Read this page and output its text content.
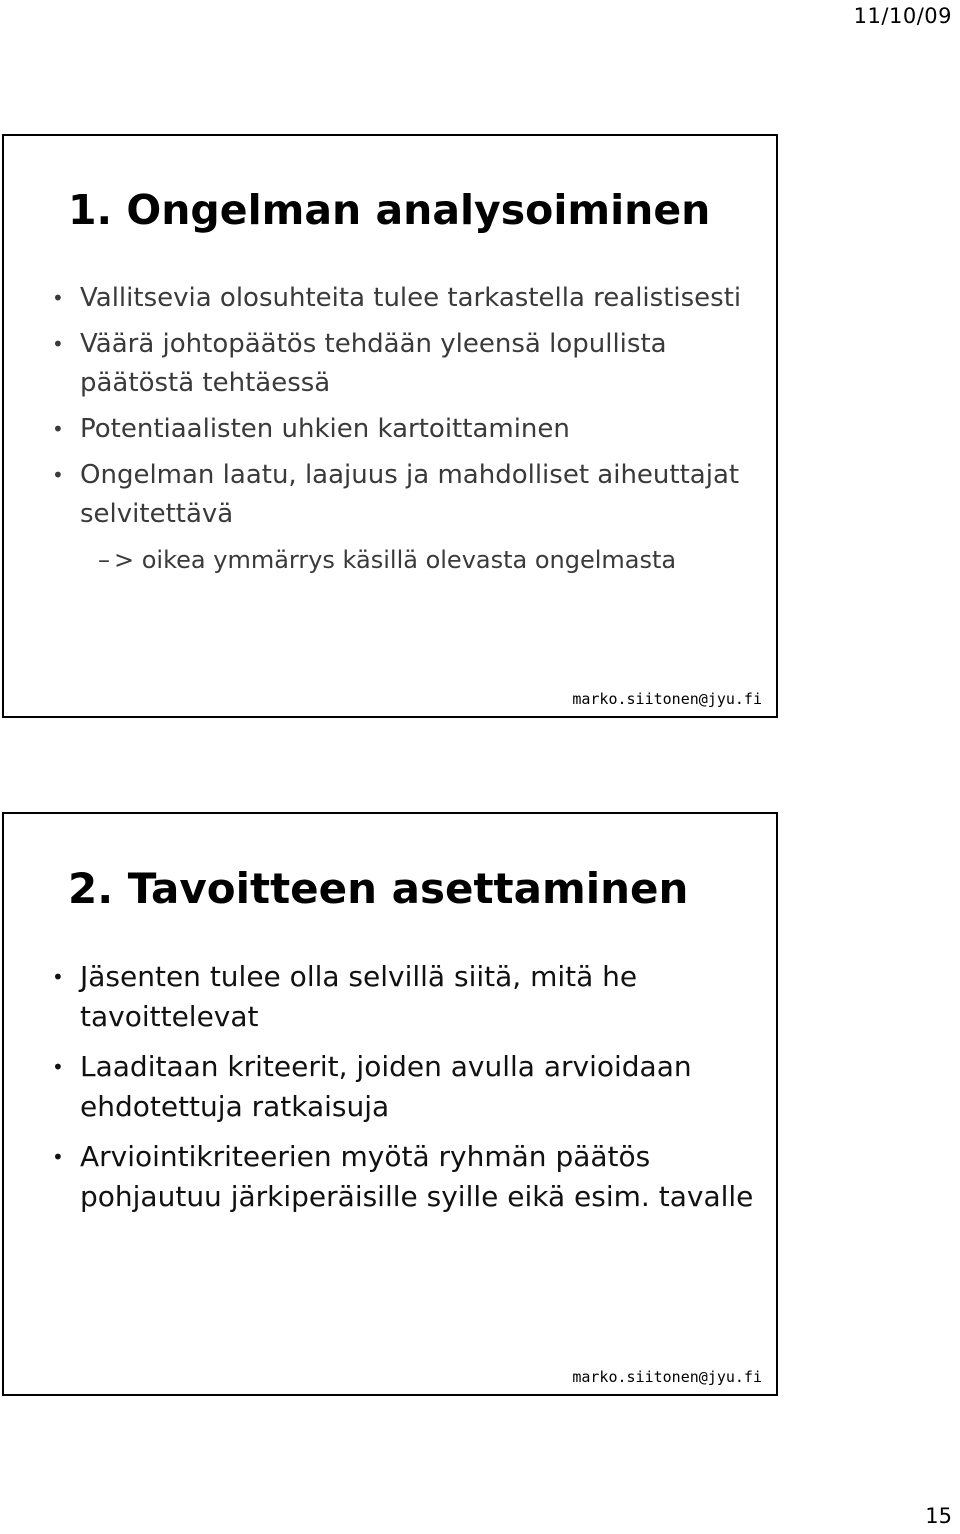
11/10/09
1. Ongelman analysoiminen
• Vallitsevia olosuhteita tulee tarkastella realistisesti
• Väärä johtopäätös tehdään yleensä lopullista päätöstä tehtäessä
• Potentiaalisten uhkien kartoittaminen
• Ongelman laatu, laajuus ja mahdolliset aiheuttajat selvitettävä
– > oikea ymmärrys käsillä olevasta ongelmasta
marko.siitonen@jyu.fi
2. Tavoitteen asettaminen
• Jäsenten tulee olla selvillä siitä, mitä he tavoittelevat
• Laaditaan kriteerit, joiden avulla arvioidaan ehdotettuja ratkaisuja
• Arviointikriteerien myötä ryhmän päätös pohjautuu järkiperäisille syille eikä esim. tavalle
marko.siitonen@jyu.fi
15
